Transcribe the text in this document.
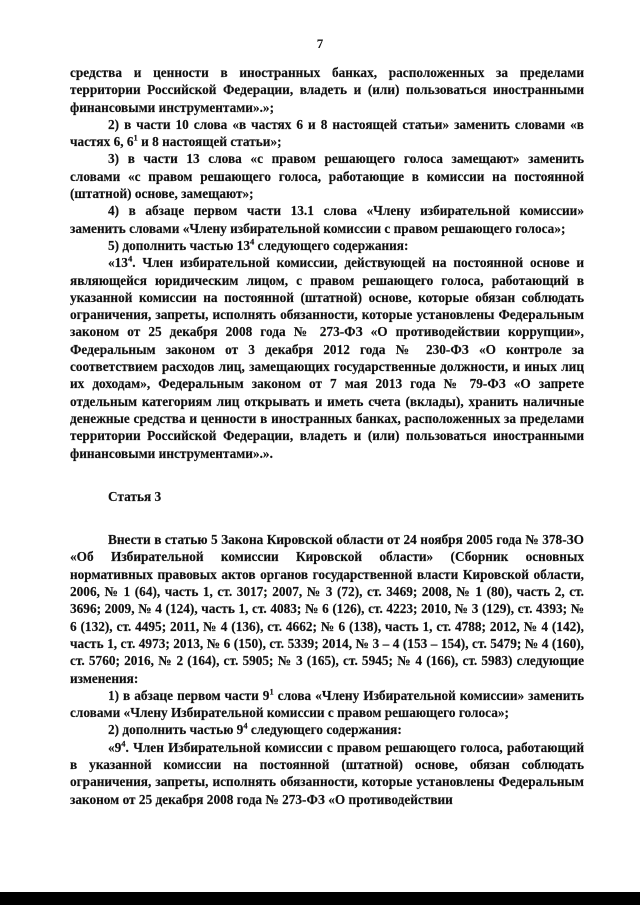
7

средства и ценности в иностранных банках, расположенных за пределами территории Российской Федерации, владеть и (или) пользоваться иностранными финансовыми инструментами».»;

2) в части 10 слова «в частях 6 и 8 настоящей статьи» заменить словами «в частях 6, $6^1$ и 8 настоящей статьи»;

3) в части 13 слова «с правом решающего голоса замещают» заменить словами «с правом решающего голоса, работающие в комиссии на постоянной (штатной) основе, замещают»;

4) в абзаце первом части 13.1 слова «Члену избирательной комиссии» заменить словами «Члену избирательной комиссии с правом решающего голоса»;

5) дополнить частью $13^4$ следующего содержания:

«$13^4$. Член избирательной комиссии, действующей на постоянной основе и являющейся юридическим лицом, с правом решающего голоса, работающий в указанной комиссии на постоянной (штатной) основе, которые обязан соблюдать ограничения, запреты, исполнять обязанности, которые установлены Федеральным законом от 25 декабря 2008 года № 273-ФЗ «О противодействии коррупции», Федеральным законом от 3 декабря 2012 года № 230-ФЗ «О контроле за соответствием расходов лиц, замещающих государственные должности, и иных лиц их доходам», Федеральным законом от 7 мая 2013 года № 79-ФЗ «О запрете отдельным категориям лиц открывать и иметь счета (вклады), хранить наличные денежные средства и ценности в иностранных банках, расположенных за пределами территории Российской Федерации, владеть и (или) пользоваться иностранными финансовыми инструментами».».

Статья 3

Внести в статью 5 Закона Кировской области от 24 ноября 2005 года № 378-ЗО «Об Избирательной комиссии Кировской области» (Сборник основных нормативных правовых актов органов государственной власти Кировской области, 2006, № 1 (64), часть 1, ст. 3017; 2007, № 3 (72), ст. 3469; 2008, № 1 (80), часть 2, ст. 3696; 2009, № 4 (124), часть 1, ст. 4083; № 6 (126), ст. 4223; 2010, № 3 (129), ст. 4393; № 6 (132), ст. 4495; 2011, № 4 (136), ст. 4662; № 6 (138), часть 1, ст. 4788; 2012, № 4 (142), часть 1, ст. 4973; 2013, № 6 (150), ст. 5339; 2014, № 3 – 4 (153 – 154), ст. 5479; № 4 (160), ст. 5760; 2016, № 2 (164), ст. 5905; № 3 (165), ст. 5945; № 4 (166), ст. 5983) следующие изменения:

1) в абзаце первом части $9^1$ слова «Члену Избирательной комиссии» заменить словами «Члену Избирательной комиссии с правом решающего голоса»;

2) дополнить частью $9^4$ следующего содержания:

«$9^4$. Член Избирательной комиссии с правом решающего голоса, работающий в указанной комиссии на постоянной (штатной) основе, обязан соблюдать ограничения, запреты, исполнять обязанности, которые установлены Федеральным законом от 25 декабря 2008 года № 273-ФЗ «О противодействии
